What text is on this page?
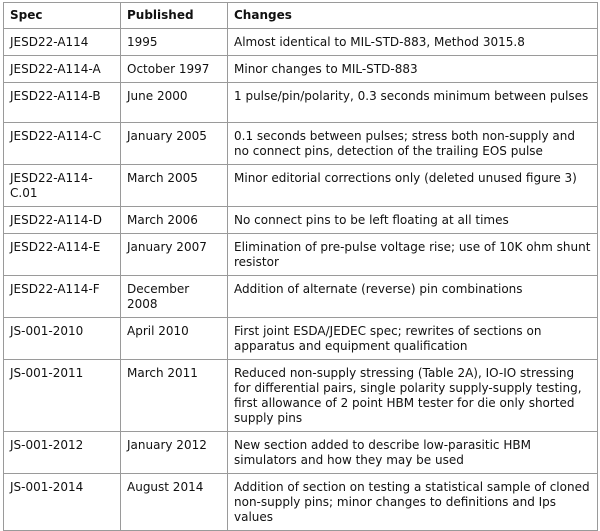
Spec	Published	Changes
JESD22-A114	1995	Almost identical to MIL-STD-883, Method 3015.8
JESD22-A114-A	October 1997	Minor changes to MIL-STD-883
JESD22-A114-B	June 2000	1 pulse/pin/polarity, 0.3 seconds minimum between pulses
JESD22-A114-C	January 2005	0.1 seconds between pulses; stress both non-supply and no connect pins, detection of the trailing EOS pulse
JESD22-A114-C.01	March 2005	Minor editorial corrections only (deleted unused figure 3)
JESD22-A114-D	March 2006	No connect pins to be left floating at all times
JESD22-A114-E	January 2007	Elimination of pre-pulse voltage rise; use of 10K ohm shunt resistor
JESD22-A114-F	December 2008	Addition of alternate (reverse) pin combinations
JS-001-2010	April 2010	First joint ESDA/JEDEC spec; rewrites of sections on apparatus and equipment qualification
JS-001-2011	March 2011	Reduced non-supply stressing (Table 2A), IO-IO stressing for differential pairs, single polarity supply-supply testing, first allowance of 2 point HBM tester for die only shorted supply pins
JS-001-2012	January 2012	New section added to describe low-parasitic HBM simulators and how they may be used
JS-001-2014	August 2014	Addition of section on testing a statistical sample of cloned non-supply pins; minor changes to definitions and Ips values
